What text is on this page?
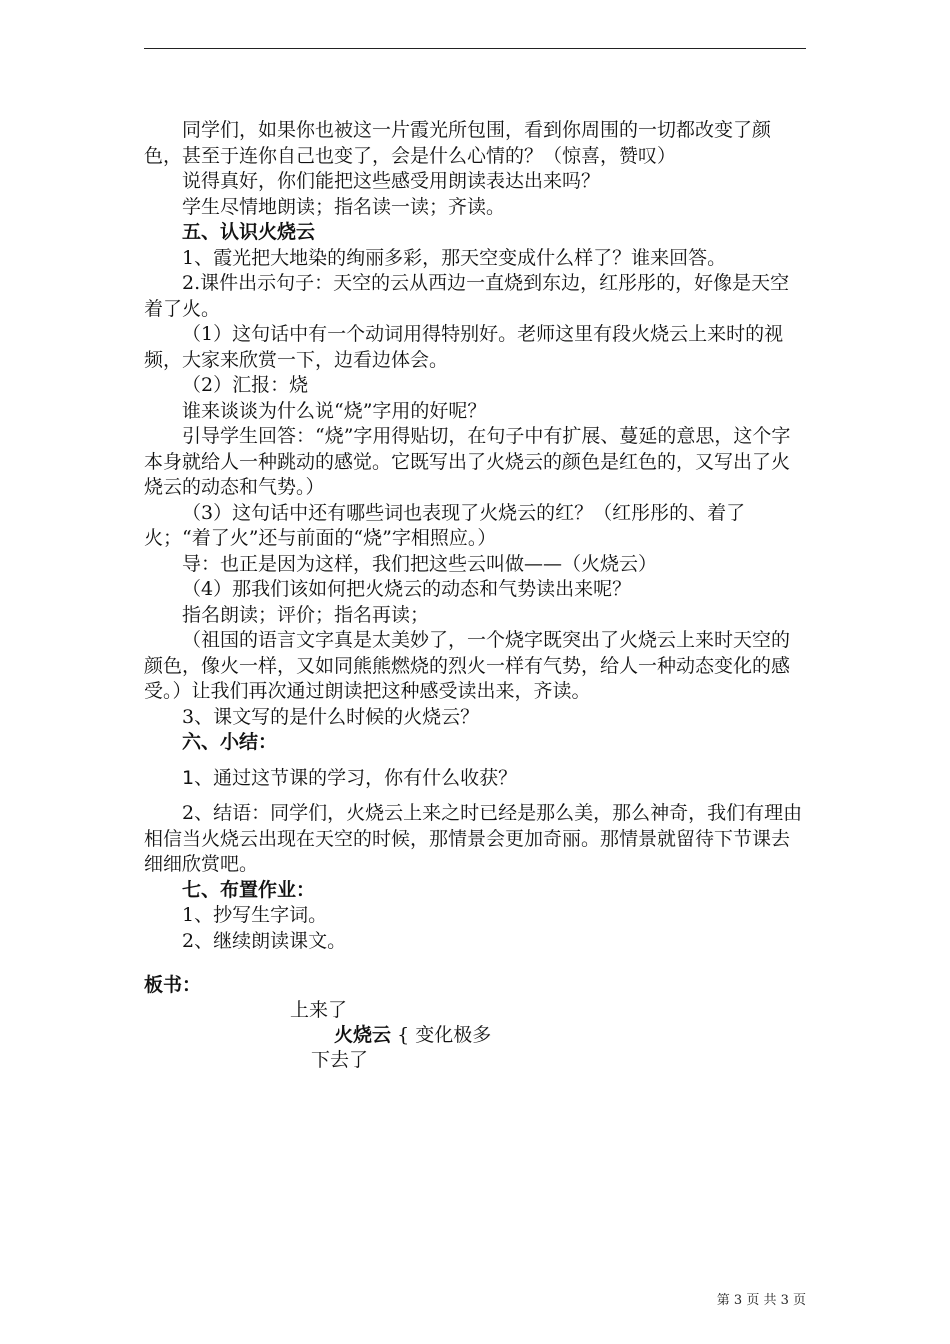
同学们，如果你也被这一片霞光所包围，看到你周围的一切都改变了颜色，甚至于连你自己也变了，会是什么心情的？（惊喜，赞叹）

说得真好，你们能把这些感受用朗读表达出来吗？

学生尽情地朗读；指名读一读；齐读。

五、认识火烧云

1、霞光把大地染的绚丽多彩，那天空变成什么样了？谁来回答。

2.课件出示句子：天空的云从西边一直烧到东边，红彤彤的，好像是天空着了火。

（1）这句话中有一个动词用得特别好。老师这里有段火烧云上来时的视频，大家来欣赏一下，边看边体会。

（2）汇报：烧

谁来谈谈为什么说“烧”字用的好呢？

引导学生回答：“烧”字用得贴切，在句子中有扩展、蔓延的意思，这个字本身就给人一种跳动的感觉。它既写出了火烧云的颜色是红色的，又写出了火烧云的动态和气势。）

（3）这句话中还有哪些词也表现了火烧云的红？（红彤彤的、着了火；“着了火”还与前面的“烧”字相照应。）

导：也正是因为这样，我们把这些云叫做——（火烧云）

（4）那我们该如何把火烧云的动态和气势读出来呢？

指名朗读；评价；指名再读；

（祖国的语言文字真是太美妙了，一个烧字既突出了火烧云上来时天空的颜色，像火一样，又如同熊熊燃烧的烈火一样有气势，给人一种动态变化的感受。）让我们再次通过朗读把这种感受读出来，齐读。

3、课文写的是什么时候的火烧云？

六、小结：

1、通过这节课的学习，你有什么收获？

2、结语：同学们，火烧云上来之时已经是那么美，那么神奇，我们有理由相信当火烧云出现在天空的时候，那情景会更加奇丽。那情景就留待下节课去细细欣赏吧。

七、布置作业：

1、抄写生字词。

2、继续朗读课文。

板书：
上来了
火烧云 { 变化极多
下去了
第 3 页 共 3 页
